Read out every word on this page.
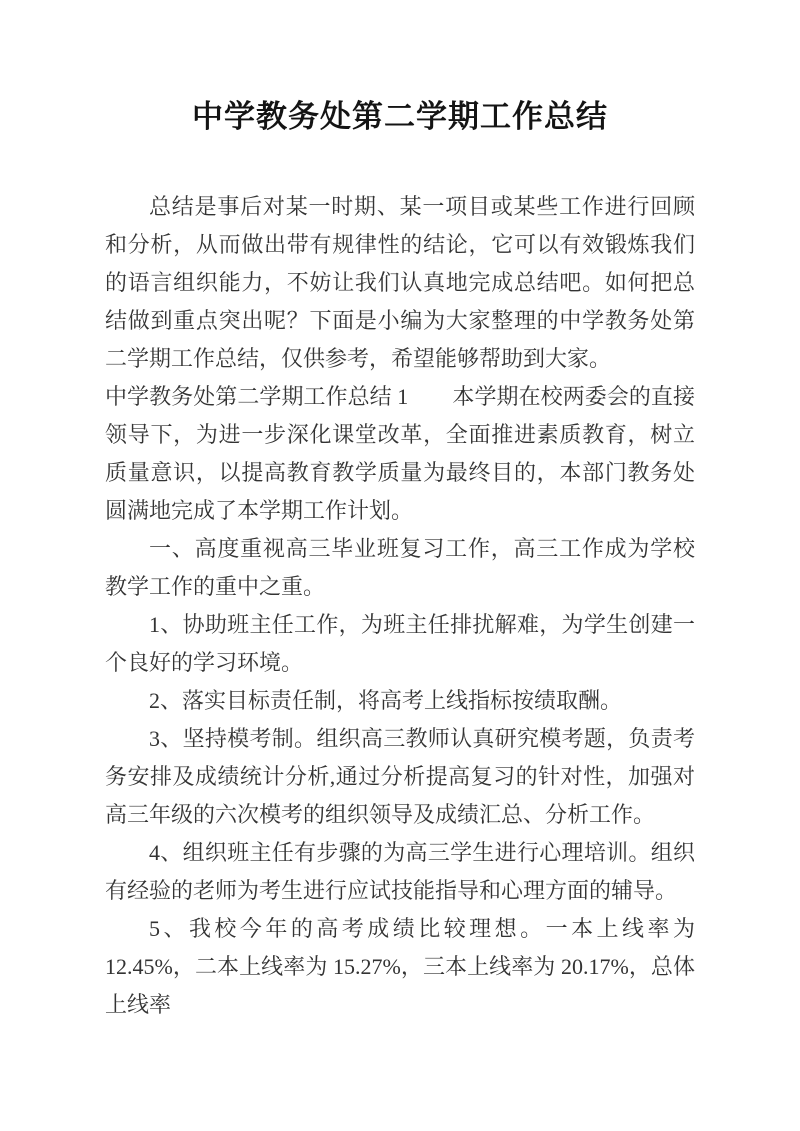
中学教务处第二学期工作总结

总结是事后对某一时期、某一项目或某些工作进行回顾和分析，从而做出带有规律性的结论，它可以有效锻炼我们的语言组织能力，不妨让我们认真地完成总结吧。如何把总结做到重点突出呢？下面是小编为大家整理的中学教务处第二学期工作总结，仅供参考，希望能够帮助到大家。

中学教务处第二学期工作总结 1　　本学期在校两委会的直接领导下，为进一步深化课堂改革，全面推进素质教育，树立质量意识，以提高教育教学质量为最终目的，本部门教务处圆满地完成了本学期工作计划。

一、高度重视高三毕业班复习工作，高三工作成为学校教学工作的重中之重。

1、协助班主任工作，为班主任排扰解难，为学生创建一个良好的学习环境。

2、落实目标责任制，将高考上线指标按绩取酬。

3、坚持模考制。组织高三教师认真研究模考题，负责考务安排及成绩统计分析,通过分析提高复习的针对性，加强对高三年级的六次模考的组织领导及成绩汇总、分析工作。

4、组织班主任有步骤的为高三学生进行心理培训。组织有经验的老师为考生进行应试技能指导和心理方面的辅导。

5、我校今年的高考成绩比较理想。一本上线率为 12.45%，二本上线率为 15.27%，三本上线率为 20.17%，总体上线率
